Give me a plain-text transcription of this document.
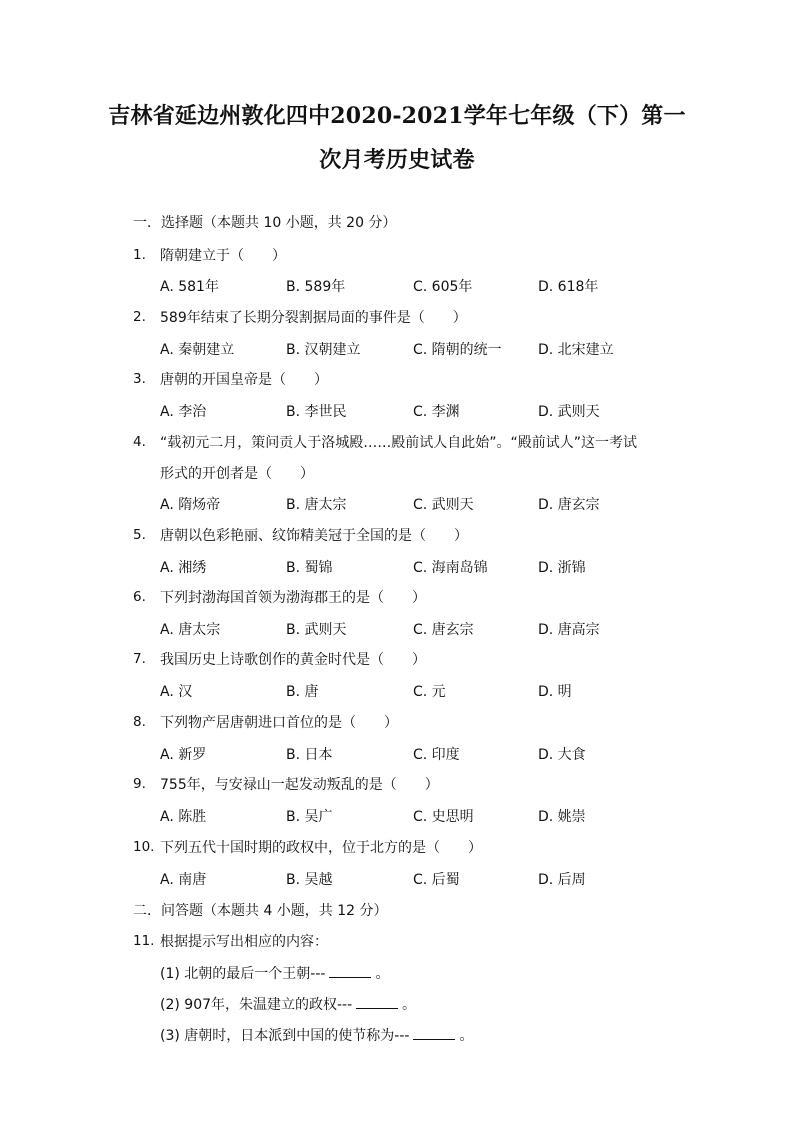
吉林省延边州敦化四中2020-2021学年七年级（下）第一
次月考历史试卷
一．选择题（本题共 10 小题，共 20 分）
1. 隋朝建立于（　　）
A. 581年	B. 589年	C. 605年	D. 618年
2. 589年结束了长期分裂割据局面的事件是（　　）
A. 秦朝建立	B. 汉朝建立	C. 隋朝的统一	D. 北宋建立
3. 唐朝的开国皇帝是（　　）
A. 李治	B. 李世民	C. 李渊	D. 武则天
4. “载初元二月，策问贡人于洛城殿……殿前试人自此始”。“殿前试人”这一考试
形式的开创者是（　　）
A. 隋炀帝	B. 唐太宗	C. 武则天	D. 唐玄宗
5. 唐朝以色彩艳丽、纹饰精美冠于全国的是（　　）
A. 湘绣	B. 蜀锦	C. 海南岛锦	D. 浙锦
6. 下列封渤海国首领为渤海郡王的是（　　）
A. 唐太宗	B. 武则天	C. 唐玄宗	D. 唐高宗
7. 我国历史上诗歌创作的黄金时代是（　　）
A. 汉	B. 唐	C. 元	D. 明
8. 下列物产居唐朝进口首位的是（　　）
A. 新罗	B. 日本	C. 印度	D. 大食
9. 755年，与安禄山一起发动叛乱的是（　　）
A. 陈胜	B. 吴广	C. 史思明	D. 姚崇
10. 下列五代十国时期的政权中，位于北方的是（　　）
A. 南唐	B. 吴越	C. 后蜀	D. 后周
二．问答题（本题共 4 小题，共 12 分）
11. 根据提示写出相应的内容：
(1) 北朝的最后一个王朝---	。
(2) 907年，朱温建立的政权---	。
(3) 唐朝时，日本派到中国的使节称为---	。
